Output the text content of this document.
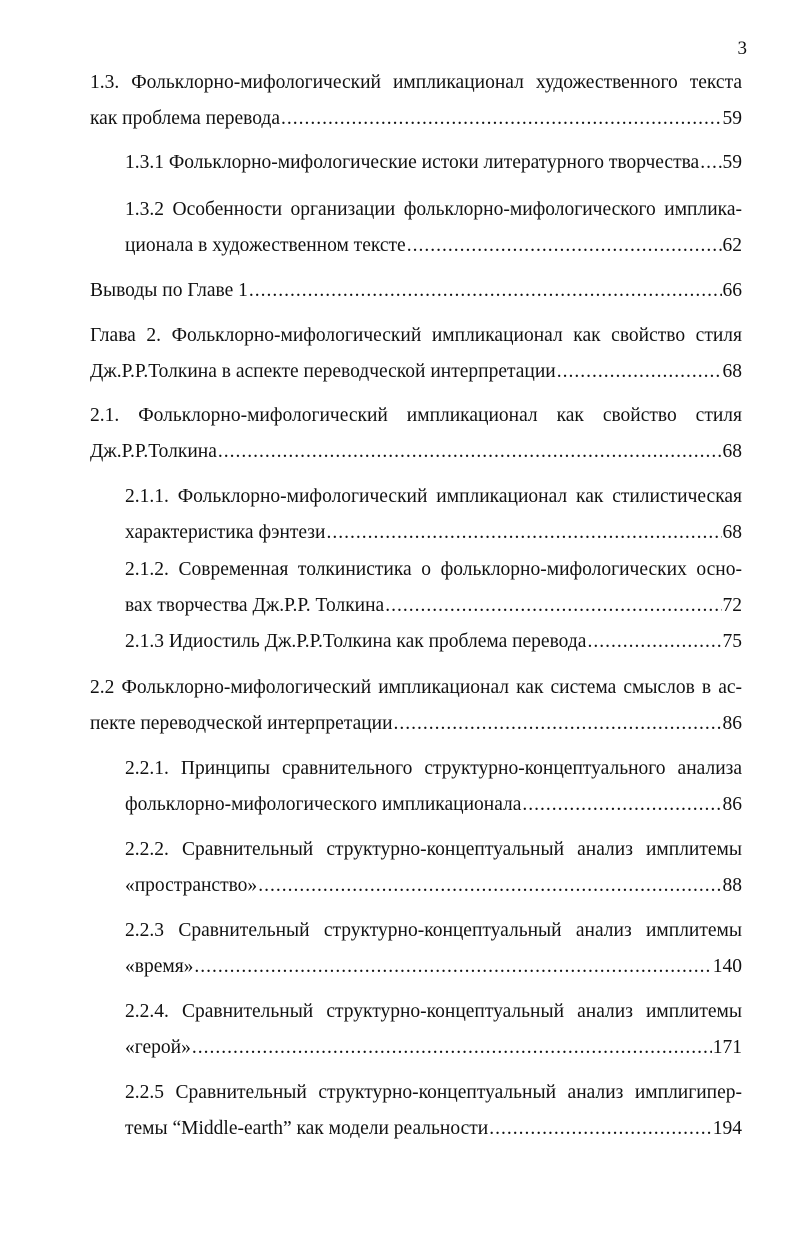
3
1.3. Фольклорно-мифологический импликационал художественного текста
как проблема перевода .....	59
1.3.1 Фольклорно-мифологические истоки литературного творчества ..... 59
1.3.2 Особенности организации фольклорно-мифологического имплика-
ционала в художественном тексте .....	62
Выводы по Главе 1 .....	66
Глава 2. Фольклорно-мифологический импликационал как свойство стиля
Дж.Р.Р.Толкина в аспекте переводческой интерпретации .....	68
2.1. Фольклорно-мифологический импликационал как свойство стиля
Дж.Р.Р.Толкина .....	68
2.1.1. Фольклорно-мифологический импликационал как стилистическая
характеристика фэнтези .....	68
2.1.2. Современная толкинистика о фольклорно-мифологических осно-
вах творчества Дж.Р.Р. Толкина .....	72
2.1.3 Идиостиль Дж.Р.Р.Толкина как проблема перевода .....	75
2.2 Фольклорно-мифологический импликационал как система смыслов в ас-
пекте переводческой интерпретации .....	86
2.2.1. Принципы сравнительного структурно-концептуального анализа
фольклорно-мифологического импликационала .....	86
2.2.2. Сравнительный структурно-концептуальный анализ имплитемы
«пространство» .....	88
2.2.3 Сравнительный структурно-концептуальный анализ имплитемы
«время» .....	140
2.2.4. Сравнительный структурно-концептуальный анализ имплитемы
«герой» .....	171
2.2.5 Сравнительный структурно-концептуальный анализ имплигипер-
темы “Middle-earth” как модели реальности .....	194
